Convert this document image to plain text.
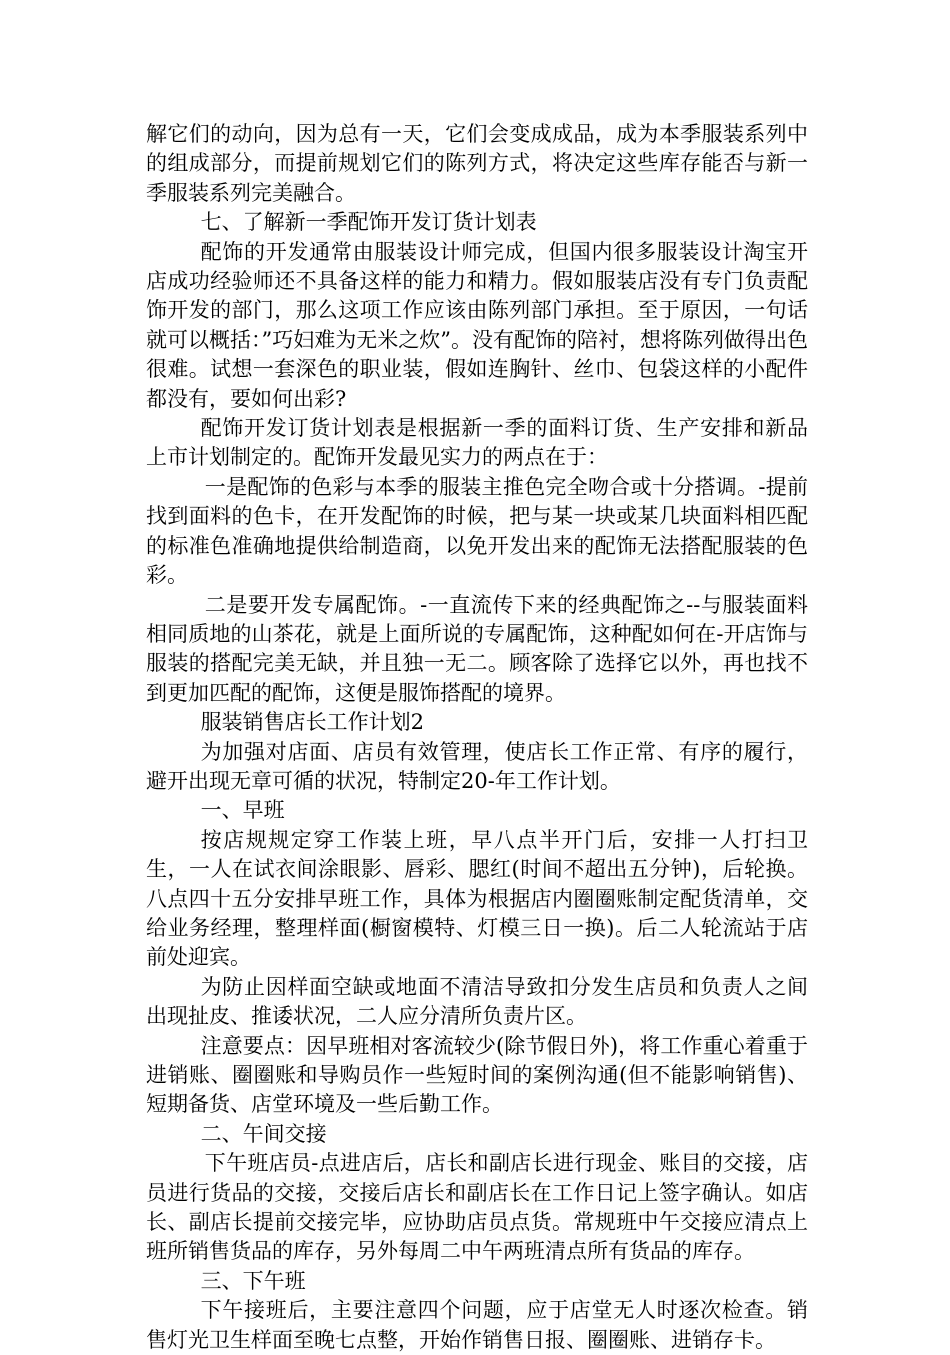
解它们的动向，因为总有一天，它们会变成成品，成为本季服装系列中的组成部分，而提前规划它们的陈列方式，将决定这些库存能否与新一季服装系列完美融合。

七、了解新一季配饰开发订货计划表

配饰的开发通常由服装设计师完成，但国内很多服装设计淘宝开店成功经验师还不具备这样的能力和精力。假如服装店没有专门负责配饰开发的部门，那么这项工作应该由陈列部门承担。至于原因，一句话就可以概括：”巧妇难为无米之炊”。没有配饰的陪衬，想将陈列做得出色很难。试想一套深色的职业装，假如连胸针、丝巾、包袋这样的小配件都没有，要如何出彩?

配饰开发订货计划表是根据新一季的面料订货、生产安排和新品上市计划制定的。配饰开发最见实力的两点在于：

一是配饰的色彩与本季的服装主推色完全吻合或十分搭调。-提前找到面料的色卡，在开发配饰的时候，把与某一块或某几块面料相匹配的标准色准确地提供给制造商，以免开发出来的配饰无法搭配服装的色彩。

二是要开发专属配饰。-一直流传下来的经典配饰之--与服装面料相同质地的山茶花，就是上面所说的专属配饰，这种配如何在-开店饰与服装的搭配完美无缺，并且独一无二。顾客除了选择它以外，再也找不到更加匹配的配饰，这便是服饰搭配的境界。

服装销售店长工作计划2

为加强对店面、店员有效管理，使店长工作正常、有序的履行，避开出现无章可循的状况，特制定20-年工作计划。

一、早班

按店规规定穿工作装上班，早八点半开门后，安排一人打扫卫生，一人在试衣间涂眼影、唇彩、腮红(时间不超出五分钟)，后轮换。八点四十五分安排早班工作，具体为根据店内圈圈账制定配货清单，交给业务经理，整理样面(橱窗模特、灯模三日一换)。后二人轮流站于店前处迎宾。

为防止因样面空缺或地面不清洁导致扣分发生店员和负责人之间出现扯皮、推诿状况，二人应分清所负责片区。

注意要点：因早班相对客流较少(除节假日外)，将工作重心着重于进销账、圈圈账和导购员作一些短时间的案例沟通(但不能影响销售)、短期备货、店堂环境及一些后勤工作。

二、午间交接

下午班店员-点进店后，店长和副店长进行现金、账目的交接，店员进行货品的交接，交接后店长和副店长在工作日记上签字确认。如店长、副店长提前交接完毕，应协助店员点货。常规班中午交接应清点上班所销售货品的库存，另外每周二中午两班清点所有货品的库存。

三、下午班

下午接班后，主要注意四个问题，应于店堂无人时逐次检查。销售灯光卫生样面至晚七点整，开始作销售日报、圈圈账、进销存卡。
